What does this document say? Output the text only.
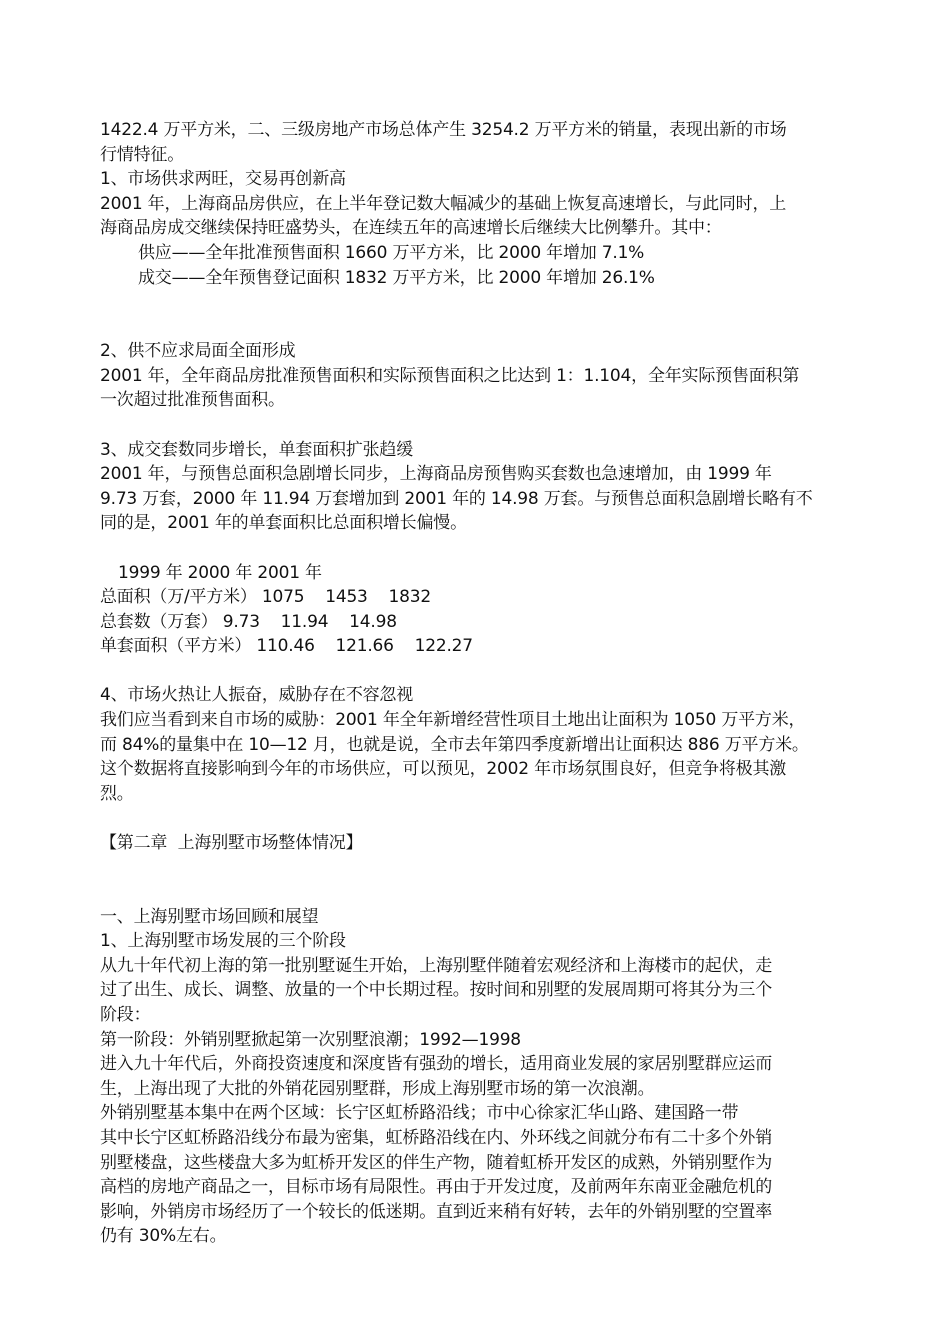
1422.4 万平方米，二、三级房地产市场总体产生 3254.2 万平方米的销量，表现出新的市场
行情特征。
1、市场供求两旺，交易再创新高
2001 年，上海商品房供应，在上半年登记数大幅减少的基础上恢复高速增长，与此同时，上
海商品房成交继续保持旺盛势头，在连续五年的高速增长后继续大比例攀升。其中：
供应——全年批准预售面积 1660 万平方米，比 2000 年增加 7.1%
成交——全年预售登记面积 1832 万平方米，比 2000 年增加 26.1%
2、供不应求局面全面形成
2001 年，全年商品房批准预售面积和实际预售面积之比达到 1：1.104，全年实际预售面积第
一次超过批准预售面积。
3、成交套数同步增长，单套面积扩张趋缓
2001 年，与预售总面积急剧增长同步，上海商品房预售购买套数也急速增加，由 1999 年
9.73 万套，2000 年 11.94 万套增加到 2001 年的 14.98 万套。与预售总面积急剧增长略有不
同的是，2001 年的单套面积比总面积增长偏慢。
1999 年 2000 年 2001 年
总面积（万/平方米） 1075    1453    1832
总套数（万套） 9.73    11.94    14.98
单套面积（平方米） 110.46    121.66    122.27
4、市场火热让人振奋，威胁存在不容忽视
我们应当看到来自市场的威胁：2001 年全年新增经营性项目土地出让面积为 1050 万平方米，
而 84%的量集中在 10—12 月，也就是说，全市去年第四季度新增出让面积达 886 万平方米。
这个数据将直接影响到今年的市场供应，可以预见，2002 年市场氛围良好，但竞争将极其激
烈。
【第二章  上海别墅市场整体情况】
一、上海别墅市场回顾和展望
1、上海别墅市场发展的三个阶段
从九十年代初上海的第一批别墅诞生开始，上海别墅伴随着宏观经济和上海楼市的起伏，走
过了出生、成长、调整、放量的一个中长期过程。按时间和别墅的发展周期可将其分为三个
阶段：
第一阶段：外销别墅掀起第一次别墅浪潮；1992—1998
进入九十年代后，外商投资速度和深度皆有强劲的增长，适用商业发展的家居别墅群应运而
生，上海出现了大批的外销花园别墅群，形成上海别墅市场的第一次浪潮。
外销别墅基本集中在两个区域：长宁区虹桥路沿线；市中心徐家汇华山路、建国路一带
其中长宁区虹桥路沿线分布最为密集，虹桥路沿线在内、外环线之间就分布有二十多个外销
别墅楼盘，这些楼盘大多为虹桥开发区的伴生产物，随着虹桥开发区的成熟，外销别墅作为
高档的房地产商品之一，目标市场有局限性。再由于开发过度，及前两年东南亚金融危机的
影响，外销房市场经历了一个较长的低迷期。直到近来稍有好转，去年的外销别墅的空置率
仍有 30%左右。
